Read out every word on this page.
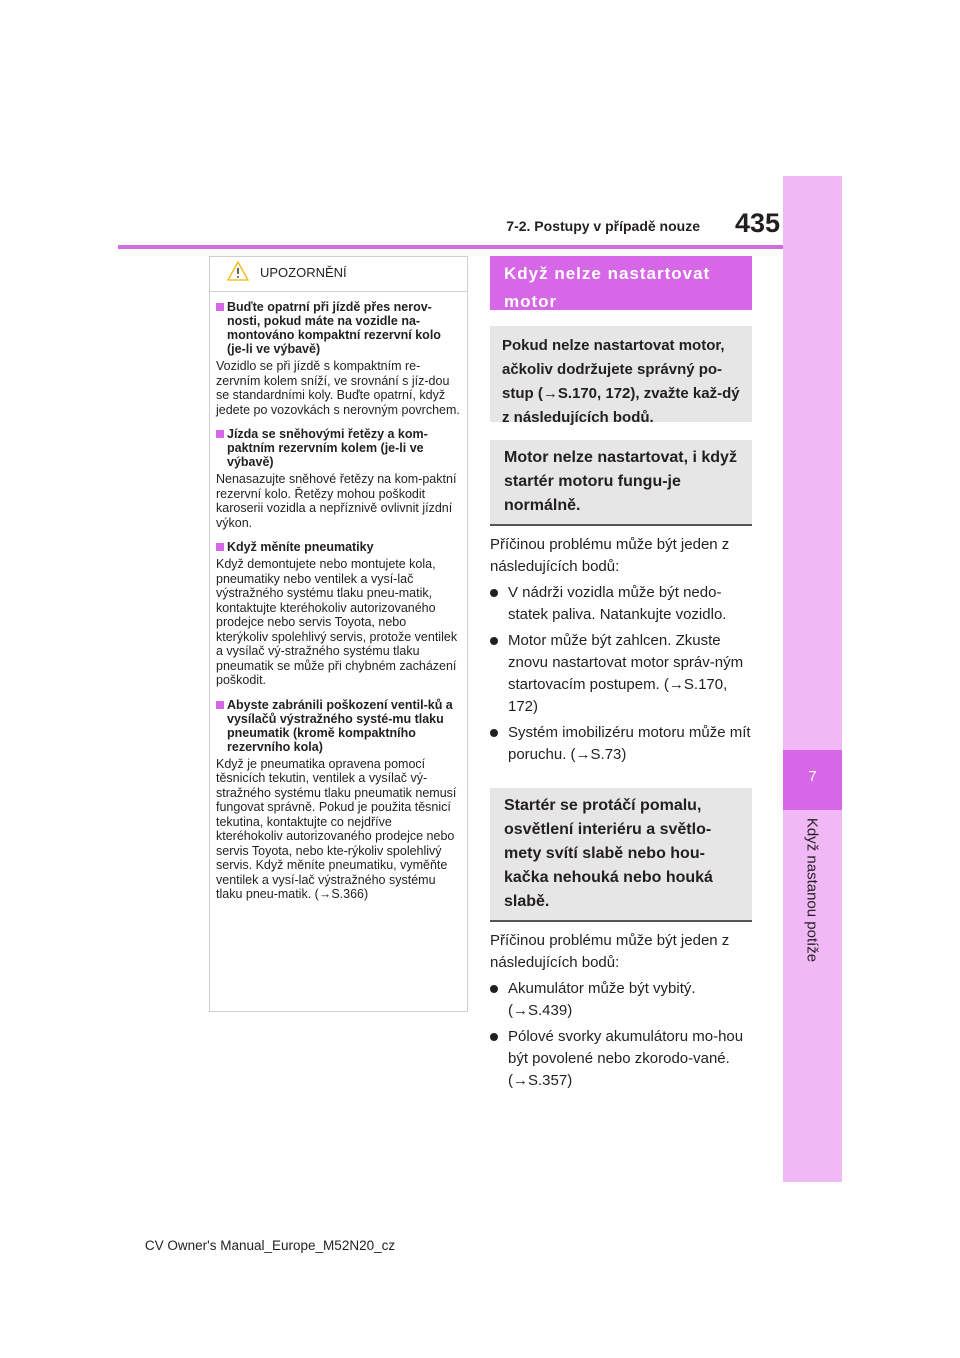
7
Když nastanou potíže
7-2. Postupy v případě nouze	435
UPOZORNĚNÍ
Buďte opatrní při jízdě přes nerov-nosti, pokud máte na vozidle na-montováno kompaktní rezervní kolo (je-li ve výbavě)
Vozidlo se při jízdě s kompaktním re-zervním kolem sníží, ve srovnání s jíz-dou se standardními koly. Buďte opatrní, když jedete po vozovkách s nerovným povrchem.
Jízda se sněhovými řetězy a kom-paktním rezervním kolem (je-li ve výbavě)
Nenasazujte sněhové řetězy na kom-paktní rezervní kolo. Řetězy mohou poškodit karoserii vozidla a nepříznivě ovlivnit jízdní výkon.
Když měníte pneumatiky
Když demontujete nebo montujete kola, pneumatiky nebo ventilek a vysí-lač výstražného systému tlaku pneu-matik, kontaktujte kteréhokoliv autorizovaného prodejce nebo servis Toyota, nebo kterýkoliv spolehlivý servis, protože ventilek a vysílač vý-stražného systému tlaku pneumatik se může při chybném zacházení poškodit.
Abyste zabránili poškození ventil-ků a vysílačů výstražného systé-mu tlaku pneumatik (kromě kompaktního rezervního kola)
Když je pneumatika opravena pomocí těsnicích tekutin, ventilek a vysílač vý-stražného systému tlaku pneumatik nemusí fungovat správně. Pokud je použita těsnicí tekutina, kontaktujte co nejdříve kteréhokoliv autorizovaného prodejce nebo servis Toyota, nebo kte-rýkoliv spolehlivý servis. Když měníte pneumatiku, vyměňte ventilek a vysí-lač výstražného systému tlaku pneu-matik. (→S.366)
Když nelze nastartovat motor
Pokud nelze nastartovat motor, ačkoliv dodržujete správný po-stup (→S.170, 172), zvažte kaž-dý z následujících bodů.
Motor nelze nastartovat, i když startér motoru fungu-je normálně.

Příčinou problému může být jeden z následujících bodů:

V nádrži vozidla může být nedo-statek paliva. Natankujte vozidlo.
Motor může být zahlcen. Zkuste znovu nastartovat motor správ-ným startovacím postupem. (→S.170, 172)
Systém imobilizéru motoru může mít poruchu. (→S.73)
Startér se protáčí pomalu, osvětlení interiéru a světlo-mety svítí slabě nebo hou-kačka nehouká nebo houká slabě.

Příčinou problému může být jeden z následujících bodů:

Akumulátor může být vybitý. (→S.439)
Pólové svorky akumulátoru mo-hou být povolené nebo zkorodo-vané. (→S.357)
CV Owner's Manual_Europe_M52N20_cz
